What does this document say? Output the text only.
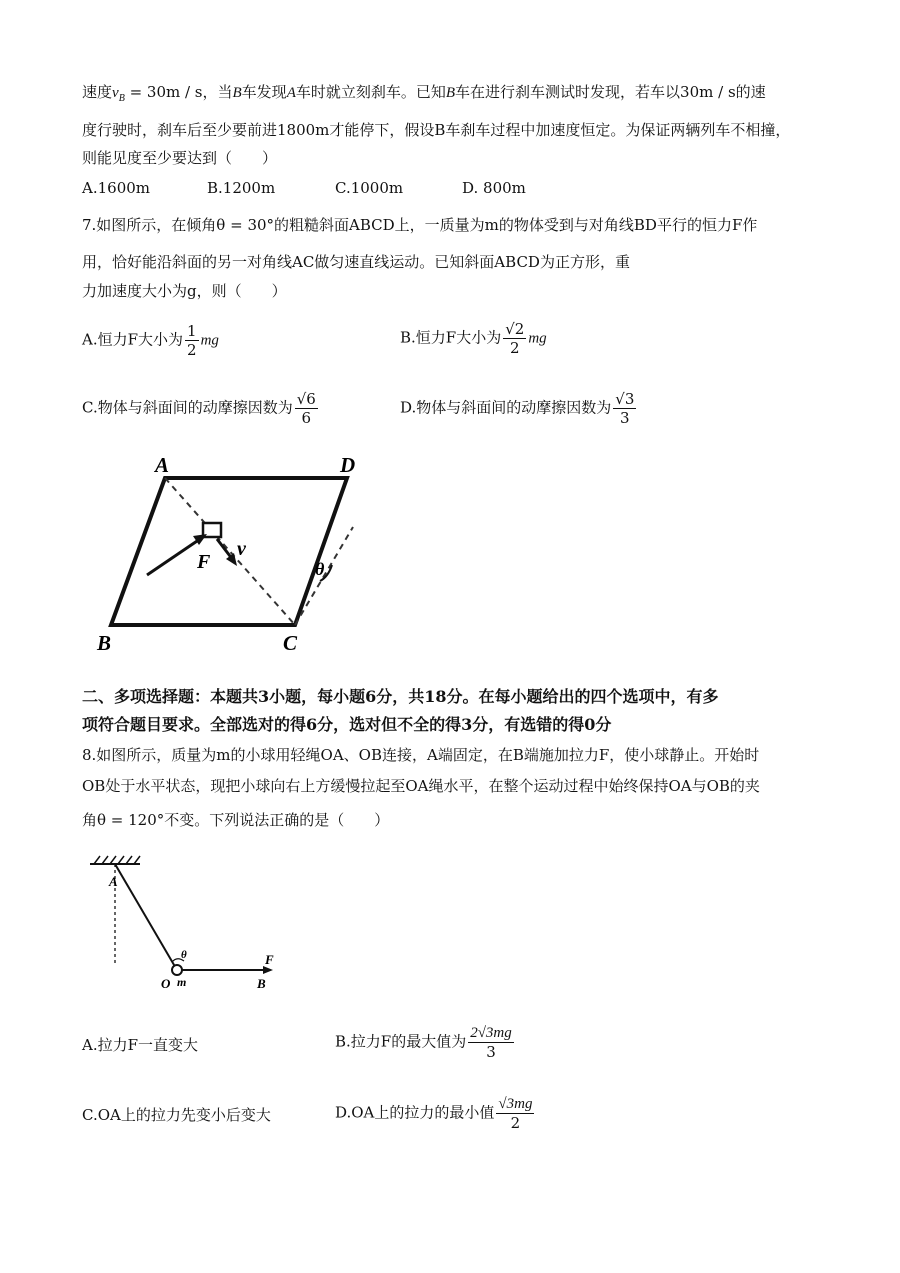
速度$v_B = 30m / s$，当B车发现A车时就立刻刹车。已知B车在进行刹车测试时发现，若车以30m / s的速
度行驶时，刹车后至少要前进1800m才能停下，假设B车刹车过程中加速度恒定。为保证两辆列车不相撞，
则能见度至少要达到（　　）
A.1600m	B.1200m	C.1000m	D. 800m
7.如图所示，在倾角θ = 30°的粗糙斜面ABCD上，一质量为m的物体受到与对角线BD平行的恒力F作
用，恰好能沿斜面的另一对角线AC做匀速直线运动。已知斜面ABCD为正方形，重
力加速度大小为g，则（　　）
A.恒力F大小为 $\frac{1}{2}$ mg	B.恒力F大小为 $\frac{√2}{2}$ mg
C.物体与斜面间的动摩擦因数为 $\frac{√6}{6}$	D.物体与斜面间的动摩擦因数为 $\frac{√3}{3}$
A	D
B	C
F
v
θ
二、多项选择题：本题共3小题，每小题6分，共18分。在每小题给出的四个选项中，有多
项符合题目要求。全部选对的得6分，选对但不全的得3分，有选错的得0分
8.如图所示，质量为m的小球用轻绳OA、OB连接，A端固定，在B端施加拉力F，使小球静止。开始时
OB处于水平状态，现把小球向右上方缓慢拉起至OA绳水平，在整个运动过程中始终保持OA与OB的夹
角θ = 120°不变。下列说法正确的是（　　）
A
θ
O m
F
B
A.拉力F一直变大	B.拉力F的最大值为 $\frac{2√3mg}{3}$
C.OA上的拉力先变小后变大	D.OA上的拉力的最小值 $\frac{√3mg}{2}$
